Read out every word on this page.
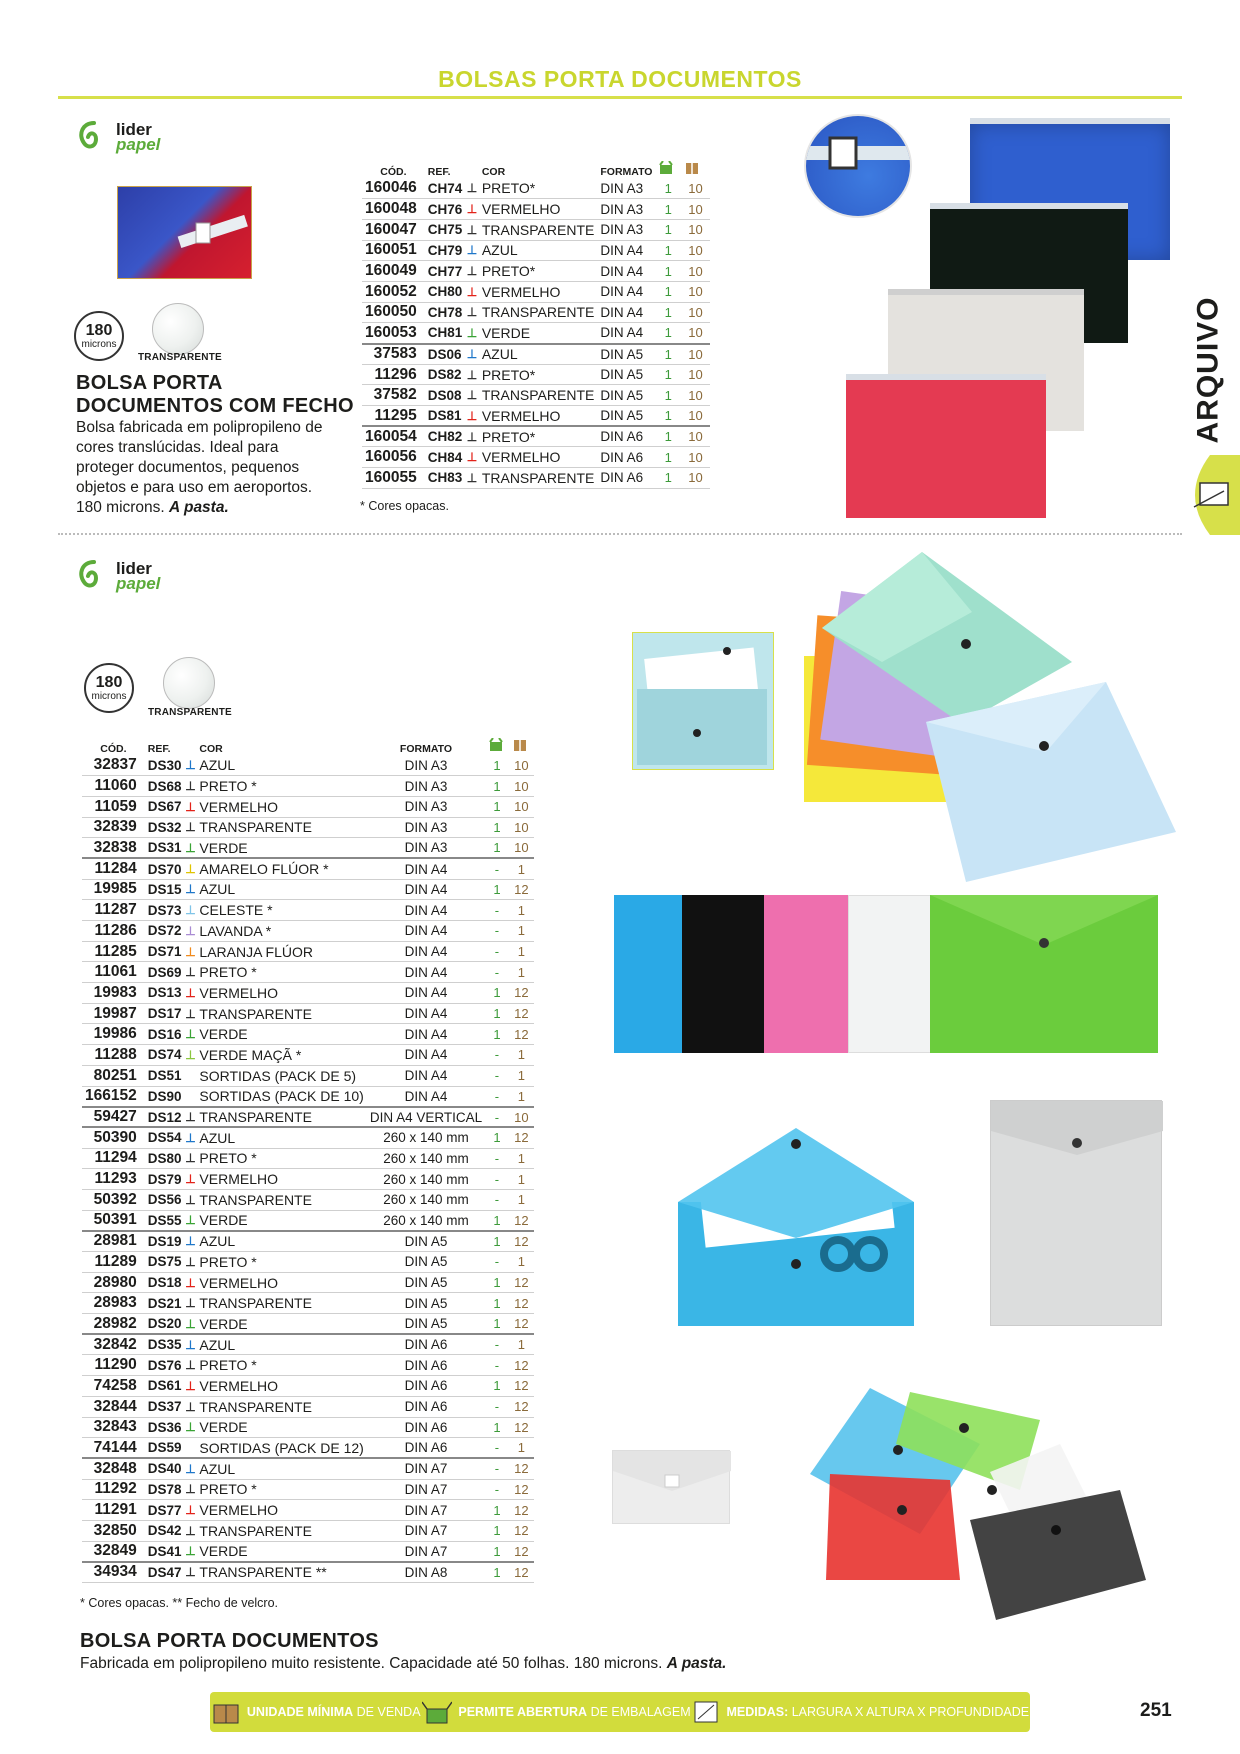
BOLSAS PORTA DOCUMENTOS
ARQUIVO
lider
papel
180
microns
TRANSPARENTE
BOLSA PORTA
DOCUMENTOS COM FECHO
Bolsa fabricada em polipropileno de cores translúcidas. Ideal para proteger documentos, pequenos objetos e para uso em aeroportos. 180 microns. A pasta.
CÓD.	REF.		COR	FORMATO		
160046	CH74	⊥	PRETO*	DIN A3	1	10
160048	CH76	⊥	VERMELHO	DIN A3	1	10
160047	CH75	⊥	TRANSPARENTE	DIN A3	1	10
160051	CH79	⊥	AZUL	DIN A4	1	10
160049	CH77	⊥	PRETO*	DIN A4	1	10
160052	CH80	⊥	VERMELHO	DIN A4	1	10
160050	CH78	⊥	TRANSPARENTE	DIN A4	1	10
160053	CH81	⊥	VERDE	DIN A4	1	10
37583	DS06	⊥	AZUL	DIN A5	1	10
11296	DS82	⊥	PRETO*	DIN A5	1	10
37582	DS08	⊥	TRANSPARENTE	DIN A5	1	10
11295	DS81	⊥	VERMELHO	DIN A5	1	10
160054	CH82	⊥	PRETO*	DIN A6	1	10
160056	CH84	⊥	VERMELHO	DIN A6	1	10
160055	CH83	⊥	TRANSPARENTE	DIN A6	1	10
* Cores opacas.
lider
papel
180
microns
TRANSPARENTE
CÓD.	REF.		COR	FORMATO		
32837	DS30	⊥	AZUL	DIN A3	1	10
11060	DS68	⊥	PRETO *	DIN A3	1	10
11059	DS67	⊥	VERMELHO	DIN A3	1	10
32839	DS32	⊥	TRANSPARENTE	DIN A3	1	10
32838	DS31	⊥	VERDE	DIN A3	1	10
11284	DS70	⊥	AMARELO FLÚOR *	DIN A4	-	1
19985	DS15	⊥	AZUL	DIN A4	1	12
11287	DS73	⊥	CELESTE *	DIN A4	-	1
11286	DS72	⊥	LAVANDA *	DIN A4	-	1
11285	DS71	⊥	LARANJA FLÚOR	DIN A4	-	1
11061	DS69	⊥	PRETO *	DIN A4	-	1
19983	DS13	⊥	VERMELHO	DIN A4	1	12
19987	DS17	⊥	TRANSPARENTE	DIN A4	1	12
19986	DS16	⊥	VERDE	DIN A4	1	12
11288	DS74	⊥	VERDE MAÇÃ *	DIN A4	-	1
80251	DS51		SORTIDAS (PACK DE 5)	DIN A4	-	1
166152	DS90		SORTIDAS (PACK DE 10)	DIN A4	-	1
59427	DS12	⊥	TRANSPARENTE	DIN A4 VERTICAL	-	10
50390	DS54	⊥	AZUL	260 x 140 mm	1	12
11294	DS80	⊥	PRETO *	260 x 140 mm	-	1
11293	DS79	⊥	VERMELHO	260 x 140 mm	-	1
50392	DS56	⊥	TRANSPARENTE	260 x 140 mm	-	1
50391	DS55	⊥	VERDE	260 x 140 mm	1	12
28981	DS19	⊥	AZUL	DIN A5	1	12
11289	DS75	⊥	PRETO *	DIN A5	-	1
28980	DS18	⊥	VERMELHO	DIN A5	1	12
28983	DS21	⊥	TRANSPARENTE	DIN A5	1	12
28982	DS20	⊥	VERDE	DIN A5	1	12
32842	DS35	⊥	AZUL	DIN A6	-	1
11290	DS76	⊥	PRETO *	DIN A6	-	12
74258	DS61	⊥	VERMELHO	DIN A6	1	12
32844	DS37	⊥	TRANSPARENTE	DIN A6	-	12
32843	DS36	⊥	VERDE	DIN A6	1	12
74144	DS59		SORTIDAS (PACK DE 12)	DIN A6	-	1
32848	DS40	⊥	AZUL	DIN A7	-	12
11292	DS78	⊥	PRETO *	DIN A7	-	12
11291	DS77	⊥	VERMELHO	DIN A7	1	12
32850	DS42	⊥	TRANSPARENTE	DIN A7	1	12
32849	DS41	⊥	VERDE	DIN A7	1	12
34934	DS47	⊥	TRANSPARENTE **	DIN A8	1	12
* Cores opacas. ** Fecho de velcro.
BOLSA PORTA DOCUMENTOS
Fabricada em polipropileno muito resistente. Capacidade até 50 folhas. 180 microns. A pasta.
UNIDADE MÍNIMA DE VENDA	PERMITE ABERTURA DE EMBALAGEM	MEDIDAS: LARGURA X ALTURA X PROFUNDIDADE	251
